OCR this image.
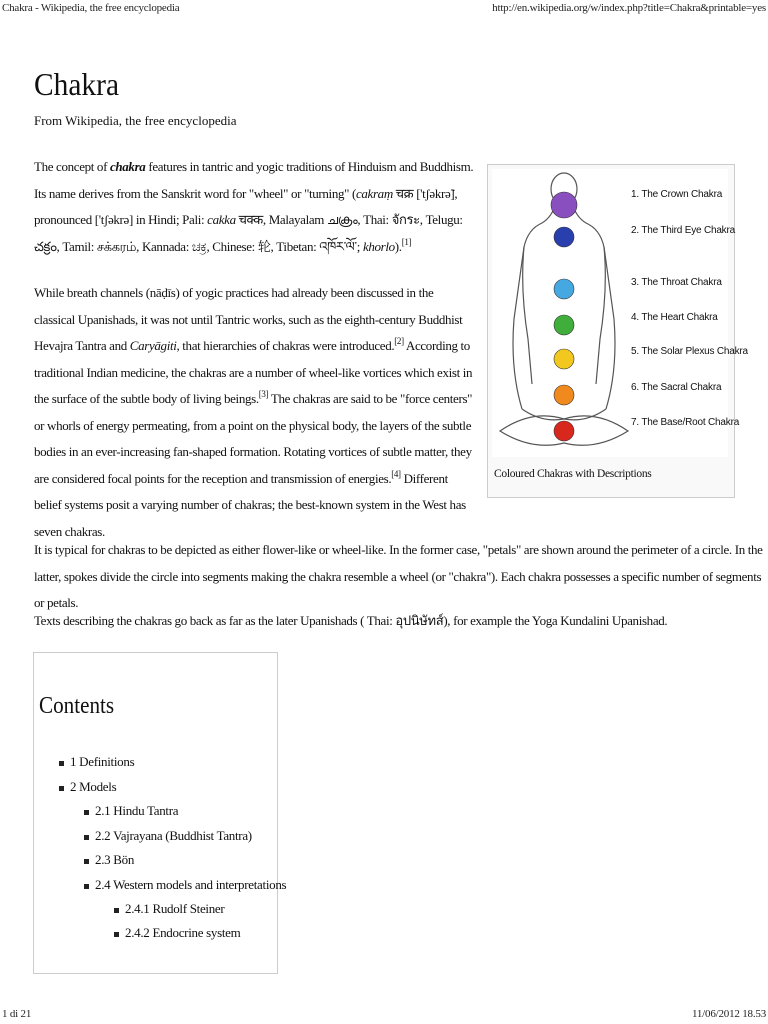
Chakra - Wikipedia, the free encyclopedia	http://en.wikipedia.org/w/index.php?title=Chakra&printable=yes
Chakra
From Wikipedia, the free encyclopedia

The concept of chakra features in tantric and yogic traditions of Hinduism and Buddhism. Its name derives from the Sanskrit word for "wheel" or "turning" (cakraṃ चक्र ['tʃəkrə̃], pronounced ['tʃəkrə] in Hindi; Pali: cakka चक्क, Malayalam ചക്രം, Thai: จักระ, Telugu: చక్రం, Tamil: சக்கரம், Kannada: ಚಕ್ರ, Chinese: 轮, Tibetan: འཁོར་ལོ་; khorlo).[1]

While breath channels (nāḍīs) of yogic practices had already been discussed in the classical Upanishads, it was not until Tantric works, such as the eighth-century Buddhist Hevajra Tantra and Caryāgiti, that hierarchies of chakras were introduced.[2] According to traditional Indian medicine, the chakras are a number of wheel-like vortices which exist in the surface of the subtle body of living beings.[3] The chakras are said to be "force centers" or whorls of energy permeating, from a point on the physical body, the layers of the subtle bodies in an ever-increasing fan-shaped formation. Rotating vortices of subtle matter, they are considered focal points for the reception and transmission of energies.[4] Different belief systems posit a varying number of chakras; the best-known system in the West has seven chakras.

1. The Crown Chakra
2. The Third Eye Chakra
3. The Throat Chakra
4. The Heart Chakra
5. The Solar Plexus Chakra
6. The Sacral Chakra
7. The Base/Root Chakra
Coloured Chakras with Descriptions

It is typical for chakras to be depicted as either flower-like or wheel-like. In the former case, "petals" are shown around the perimeter of a circle. In the latter, spokes divide the circle into segments making the chakra resemble a wheel (or "chakra"). Each chakra possesses a specific number of segments or petals.

Texts describing the chakras go back as far as the later Upanishads ( Thai: อุปนิษัทส์), for example the Yoga Kundalini Upanishad.

Contents
1 Definitions
2 Models
2.1 Hindu Tantra
2.2 Vajrayana (Buddhist Tantra)
2.3 Bön
2.4 Western models and interpretations
2.4.1 Rudolf Steiner
2.4.2 Endocrine system
1 di 21	11/06/2012 18.53
